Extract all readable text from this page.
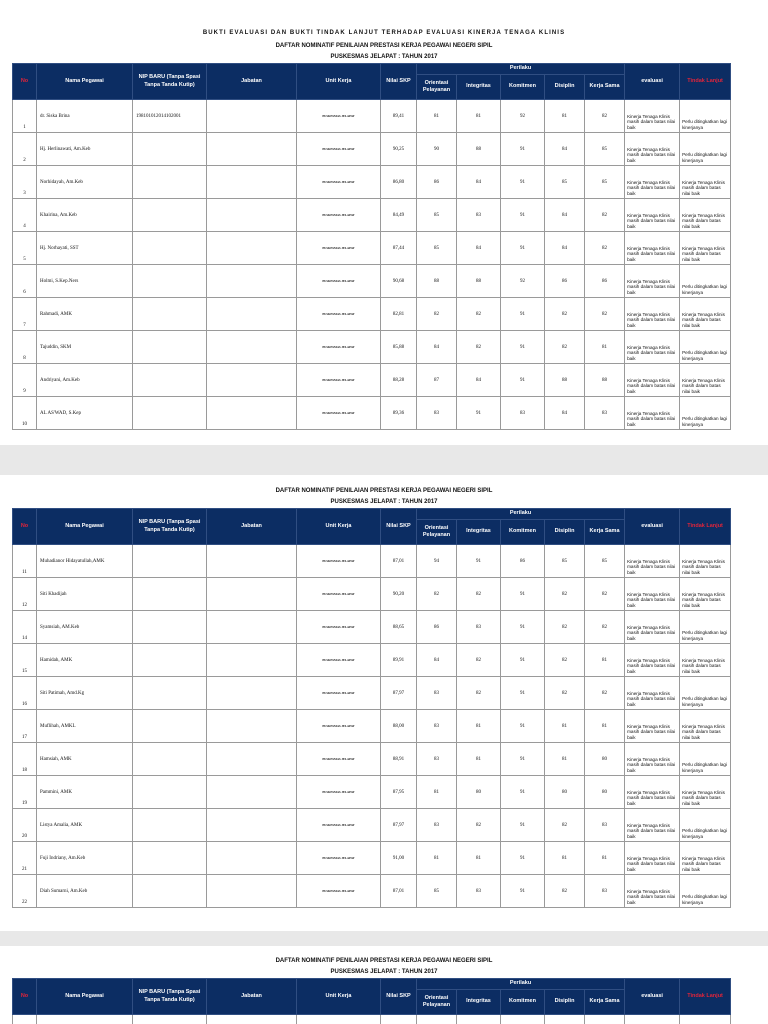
BUKTI EVALUASI DAN BUKTI TINDAK LANJUT TERHADAP EVALUASI KINERJA TENAGA KLINIS
DAFTAR NOMINATIF PENILAIAN PRESTASI KERJA PEGAWAI NEGERI SIPIL
PUSKESMAS JELAPAT : TAHUN 2017
No	Nama Pegawai	NIP BARU (Tanpa Spasi Tanpa Tanda Kutip)	Jabatan	Unit Kerja	Nilai SKP	Perilaku					evaluasi	Tindak Lanjut
						Orientasi Pelayanan	Integritas	Komitmen	Disiplin	Kerja Sama		
1	dr. Siska Brina	198101012014102001		PUSKESMAS JELAPAT	89,41	81	81	92	81	82	Kinerja Tenaga Klinis masih dalam batas nilai baik	Perlu ditingkatkan lagi kinerjanya
2	Hj. Herlinawati, Am.Keb			PUSKESMAS JELAPAT	90,25	90	88	91	84	85	Kinerja Tenaga Klinis masih dalam batas nilai baik	Perlu ditingkatkan lagi kinerjanya
3	Norhidayah, Am.Keb			PUSKESMAS JELAPAT	86,80	86	84	91	85	85	Kinerja Tenaga Klinis masih dalam batas nilai baik	Kinerja Tenaga Klinis masih dalam batas nilai baik
4	Khairina, Am.Keb			PUSKESMAS JELAPAT	84,49	85	83	91	84	82	Kinerja Tenaga Klinis masih dalam batas nilai baik	Kinerja Tenaga Klinis masih dalam batas nilai baik
5	Hj. Norhayati, SST			PUSKESMAS JELAPAT	87,44	85	84	91	84	82	Kinerja Tenaga Klinis masih dalam batas nilai baik	Kinerja Tenaga Klinis masih dalam batas nilai baik
6	Holmi, S.Kep.Ners			PUSKESMAS JELAPAT	90,68	88	88	92	86	86	Kinerja Tenaga Klinis masih dalam batas nilai baik	Perlu ditingkatkan lagi kinerjanya
7	Rahmadi, AMK			PUSKESMAS JELAPAT	82,81	82	82	91	82	82	Kinerja Tenaga Klinis masih dalam batas nilai baik	Kinerja Tenaga Klinis masih dalam batas nilai baik
8	Tajuddin, SKM			PUSKESMAS JELAPAT	85,88	84	82	91	82	81	Kinerja Tenaga Klinis masih dalam batas nilai baik	Perlu ditingkatkan lagi kinerjanya
9	Andriyani, Am.Keb			PUSKESMAS JELAPAT	88,28	87	84	91	88	88	Kinerja Tenaga Klinis masih dalam batas nilai baik	Kinerja Tenaga Klinis masih dalam batas nilai baik
10	AL AS'WAD, S.Kep			PUSKESMAS JELAPAT	89,36	83	91	83	84	83	Kinerja Tenaga Klinis masih dalam batas nilai baik	Perlu ditingkatkan lagi kinerjanya
DAFTAR NOMINATIF PENILAIAN PRESTASI KERJA PEGAWAI NEGERI SIPIL
PUSKESMAS JELAPAT : TAHUN 2017
No	Nama Pegawai	NIP BARU (Tanpa Spasi Tanpa Tanda Kutip)	Jabatan	Unit Kerja	Nilai SKP	Perilaku					evaluasi	Tindak Lanjut
						Orientasi Pelayanan	Integritas	Komitmen	Disiplin	Kerja Sama		
11	Muhadianor Hidayatullah,AMK			PUSKESMAS JELAPAT	87,01	94	91	86	85	85	Kinerja Tenaga Klinis masih dalam batas nilai baik	Kinerja Tenaga Klinis masih dalam batas nilai baik
12	Siti Khadijah			PUSKESMAS JELAPAT	90,20	82	82	91	82	82	Kinerja Tenaga Klinis masih dalam batas nilai baik	Kinerja Tenaga Klinis masih dalam batas nilai baik
14	Syamsiah, AM.Keb			PUSKESMAS JELAPAT	88,65	86	83	91	82	82	Kinerja Tenaga Klinis masih dalam batas nilai baik	Perlu ditingkatkan lagi kinerjanya
15	Hamidah, AMK			PUSKESMAS JELAPAT	89,91	84	82	91	82	81	Kinerja Tenaga Klinis masih dalam batas nilai baik	Kinerja Tenaga Klinis masih dalam batas nilai baik
16	Siti Patimah, Amd.Kg			PUSKESMAS JELAPAT	87,97	83	82	91	82	82	Kinerja Tenaga Klinis masih dalam batas nilai baik	Perlu ditingkatkan lagi kinerjanya
17	Muflihah, AMKL			PUSKESMAS JELAPAT	88,00	83	81	91	81	81	Kinerja Tenaga Klinis masih dalam batas nilai baik	Kinerja Tenaga Klinis masih dalam batas nilai baik
18	Hamsiah, AMK			PUSKESMAS JELAPAT	88,91	83	81	91	81	80	Kinerja Tenaga Klinis masih dalam batas nilai baik	Perlu ditingkatkan lagi kinerjanya
19	Pammini, AMK			PUSKESMAS JELAPAT	87,95	81	80	91	80	80	Kinerja Tenaga Klinis masih dalam batas nilai baik	Kinerja Tenaga Klinis masih dalam batas nilai baik
20	Listya Amalia, AMK			PUSKESMAS JELAPAT	87,97	83	82	91	82	83	Kinerja Tenaga Klinis masih dalam batas nilai baik	Perlu ditingkatkan lagi kinerjanya
21	Fuji Indriany, Am.Keb			PUSKESMAS JELAPAT	91,00	81	81	91	81	81	Kinerja Tenaga Klinis masih dalam batas nilai baik	Kinerja Tenaga Klinis masih dalam batas nilai baik
22	Diah Sumarni, Am.Keb			PUSKESMAS JELAPAT	87,01	85	83	91	82	83	Kinerja Tenaga Klinis masih dalam batas nilai baik	Perlu ditingkatkan lagi kinerjanya
DAFTAR NOMINATIF PENILAIAN PRESTASI KERJA PEGAWAI NEGERI SIPIL
PUSKESMAS JELAPAT : TAHUN 2017
No	Nama Pegawai	NIP BARU (Tanpa Spasi Tanpa Tanda Kutip)	Jabatan	Unit Kerja	Nilai SKP	Perilaku					evaluasi	Tindak Lanjut
						Orientasi Pelayanan	Integritas	Komitmen	Disiplin	Kerja Sama		
